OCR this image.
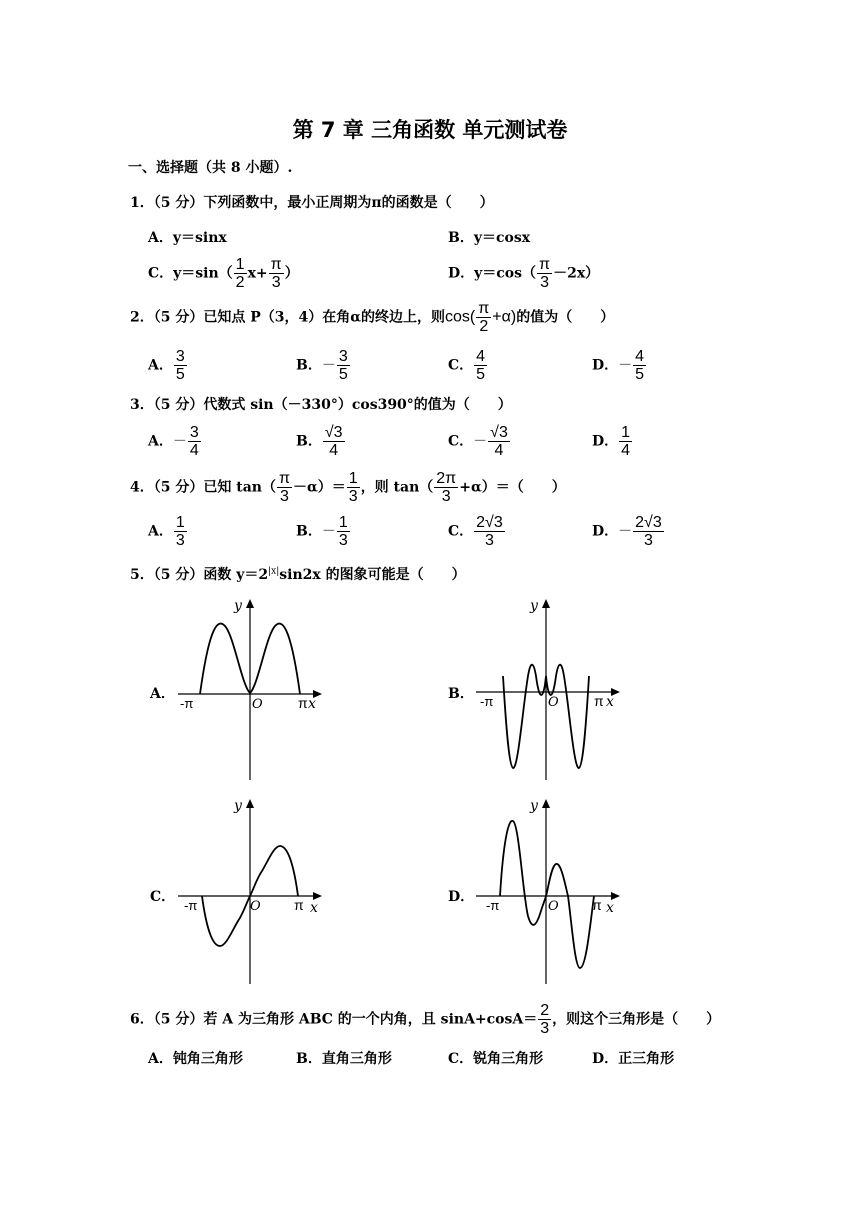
第 7 章 三角函数 单元测试卷
一、选择题（共 8 小题）.
1．（5 分）下列函数中，最小正周期为π的函数是（　　）
A．y＝sinx	B．y＝cosx
C．$y=\sin( \frac{1}{2} x+ \frac{\pi}{3}$ ）	D．$y=\cos( \frac{\pi}{3} -2x)$
2．（5 分）已知点 P（3，4）在角α的终边上，则$\cos( \frac{\pi}{2} +\alpha)$的值为（　　）
A． $\frac{3}{5}$	B．－ $\frac{3}{5}$	C． $\frac{4}{5}$	D．－ $\frac{4}{5}$
3．（5 分）代数式 sin（－330°）cos390°的值为（　　）
A．－ $\frac{3}{4}$	B． $\frac{√3}{4}$	C．－ $\frac{√3}{4}$	D． $\frac{1}{4}$
4．（5 分）已知 $\tan( \frac{\pi}{3} -\alpha)= \frac{1}{3}$ ，则 $\tan( \frac{2\pi}{3} +\alpha)=$（　　）
A． $\frac{1}{3}$	B．－ $\frac{1}{3}$	C． $\frac{2√3}{3}$	D．－ $\frac{2√3}{3}$
5．（5 分）函数 $y=2^{|x|}\sin 2x$ 的图象可能是（　　）
A．	B．
C．	D．
y
x
O
-π	π
y
x
O
-π	π
y
x
O
-π	π
y
x
O
-π	π
6．（5 分）若 A 为三角形 ABC 的一个内角，且 $\sin A+\cos A= \frac{2}{3}$ ，则这个三角形是（　　）
A．钝角三角形	B．直角三角形	C．锐角三角形	D．正三角形
